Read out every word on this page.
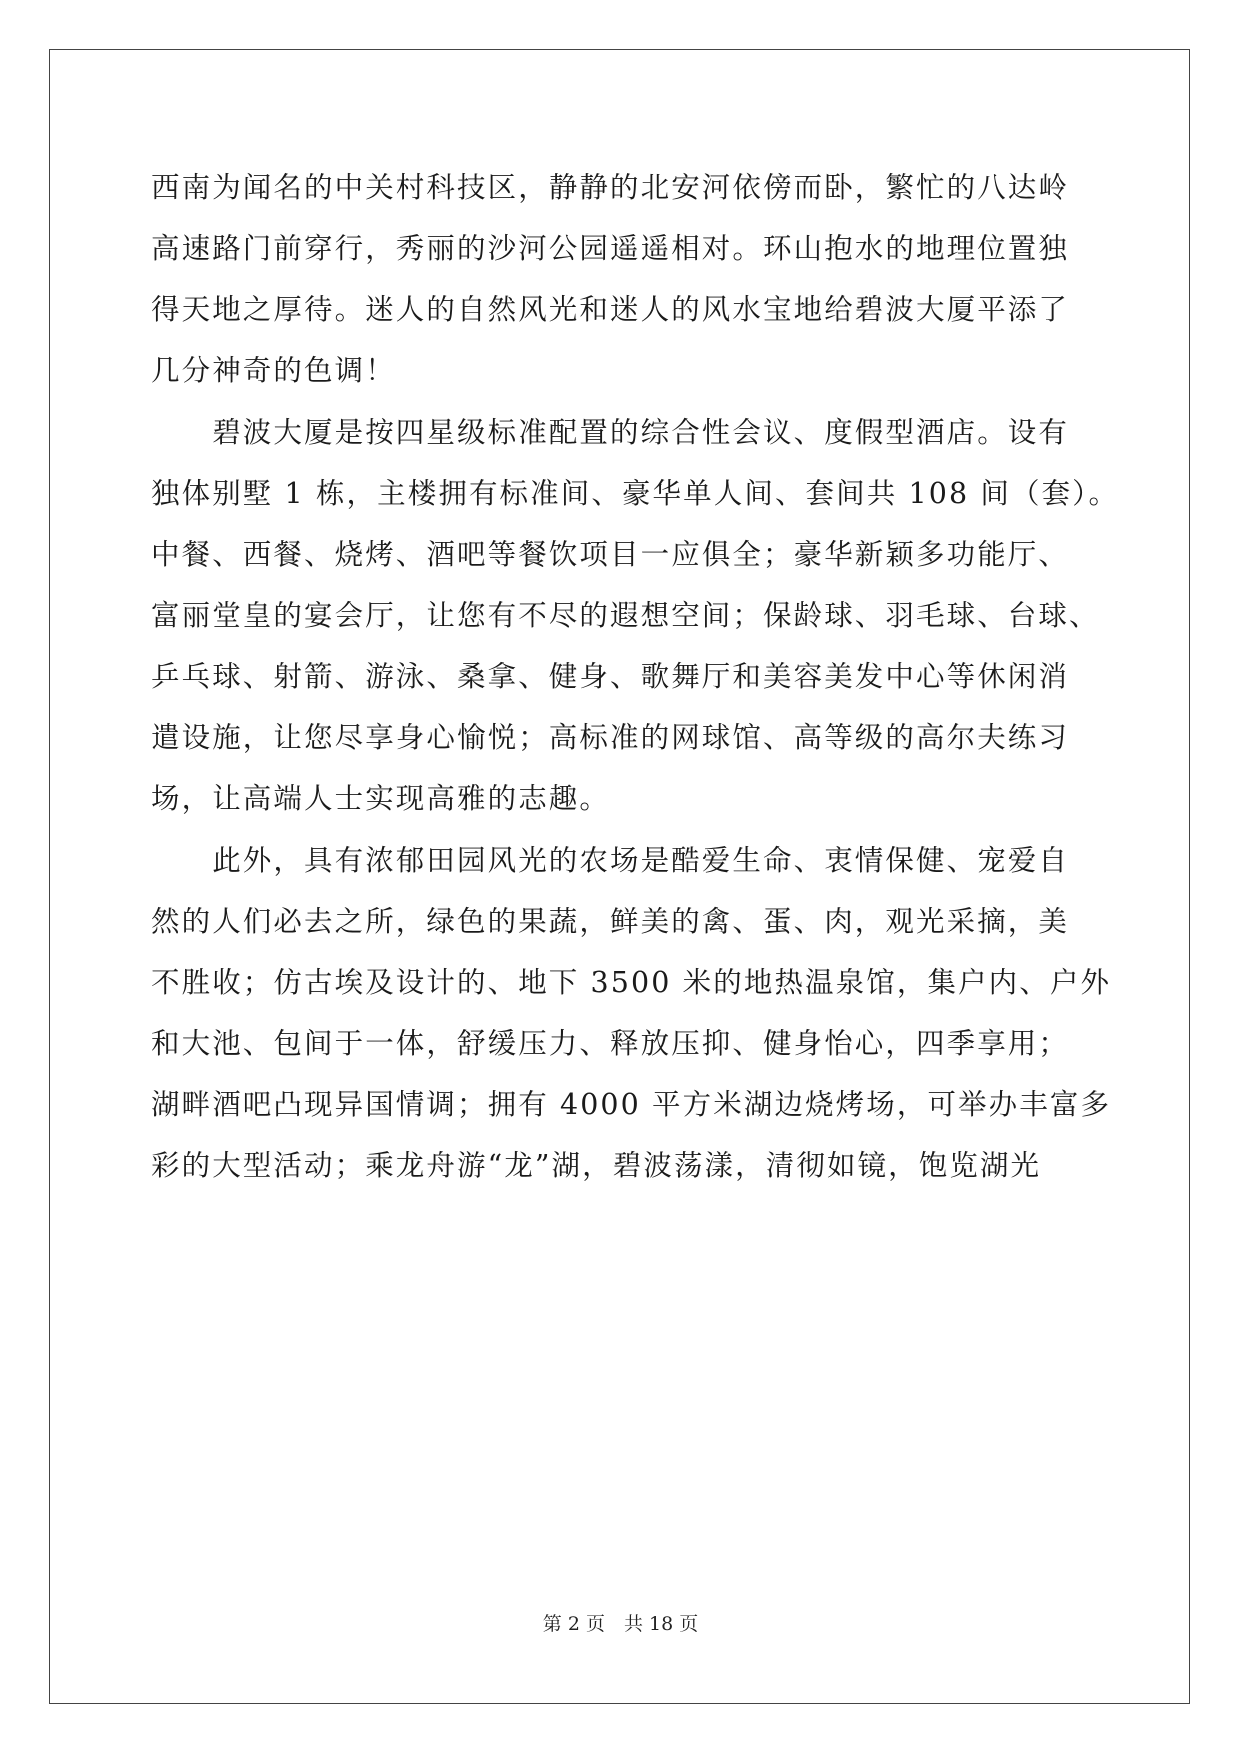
西南为闻名的中关村科技区，静静的北安河依傍而卧，繁忙的八达岭
高速路门前穿行，秀丽的沙河公园遥遥相对。环山抱水的地理位置独
得天地之厚待。迷人的自然风光和迷人的风水宝地给碧波大厦平添了
几分神奇的色调！
　　碧波大厦是按四星级标准配置的综合性会议、度假型酒店。设有
独体别墅 1 栋，主楼拥有标准间、豪华单人间、套间共 108 间（套）。
中餐、西餐、烧烤、酒吧等餐饮项目一应俱全；豪华新颖多功能厅、
富丽堂皇的宴会厅，让您有不尽的遐想空间；保龄球、羽毛球、台球、
乒乓球、射箭、游泳、桑拿、健身、歌舞厅和美容美发中心等休闲消
遣设施，让您尽享身心愉悦；高标准的网球馆、高等级的高尔夫练习
场，让高端人士实现高雅的志趣。
　　此外，具有浓郁田园风光的农场是酷爱生命、衷情保健、宠爱自
然的人们必去之所，绿色的果蔬，鲜美的禽、蛋、肉，观光采摘，美
不胜收；仿古埃及设计的、地下 3500 米的地热温泉馆，集户内、户外
和大池、包间于一体，舒缓压力、释放压抑、健身怡心，四季享用；
湖畔酒吧凸现异国情调；拥有 4000 平方米湖边烧烤场，可举办丰富多
彩的大型活动；乘龙舟游“龙”湖，碧波荡漾，清彻如镜，饱览湖光
第 2 页　共 18 页
